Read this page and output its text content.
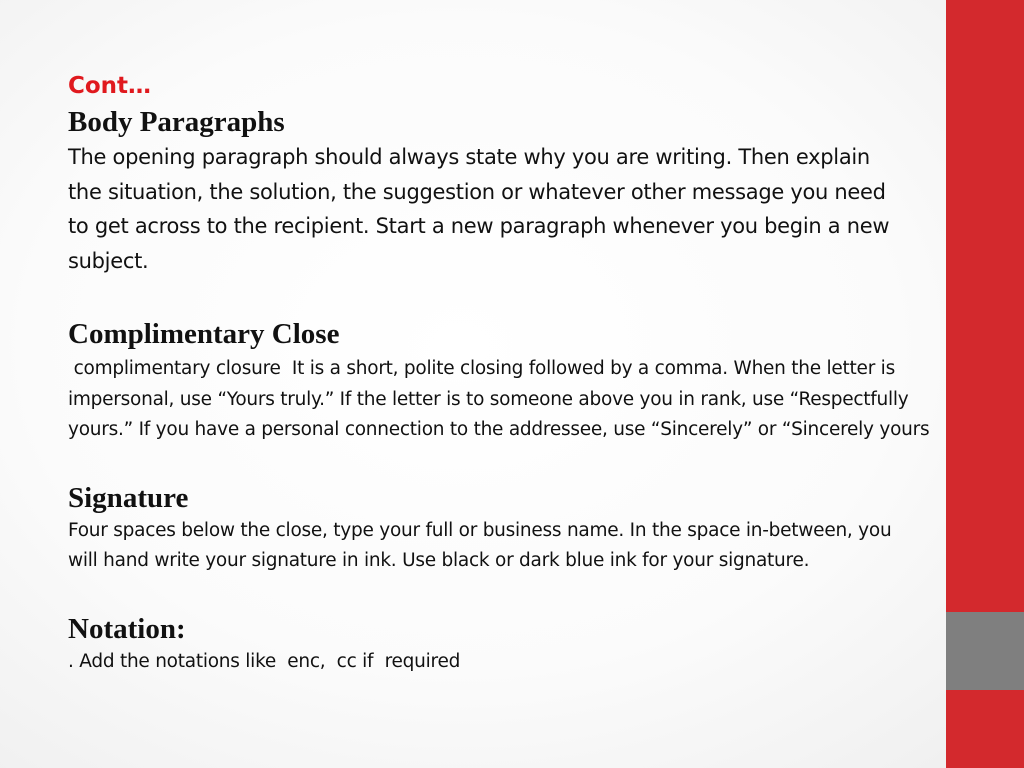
Cont…

Body Paragraphs

The opening paragraph should always state why you are writing. Then explain the situation, the solution, the suggestion or whatever other message you need to get across to the recipient. Start a new paragraph whenever you begin a new subject.

Complimentary Close

complimentary closure  It is a short, polite closing followed by a comma. When the letter is impersonal, use “Yours truly.” If the letter is to someone above you in rank, use “Respectfully yours.” If you have a personal connection to the addressee, use “Sincerely” or “Sincerely yours

Signature

Four spaces below the close, type your full or business name. In the space in-between, you will hand write your signature in ink. Use black or dark blue ink for your signature.

Notation:

. Add the notations like  enc,  cc if  required
